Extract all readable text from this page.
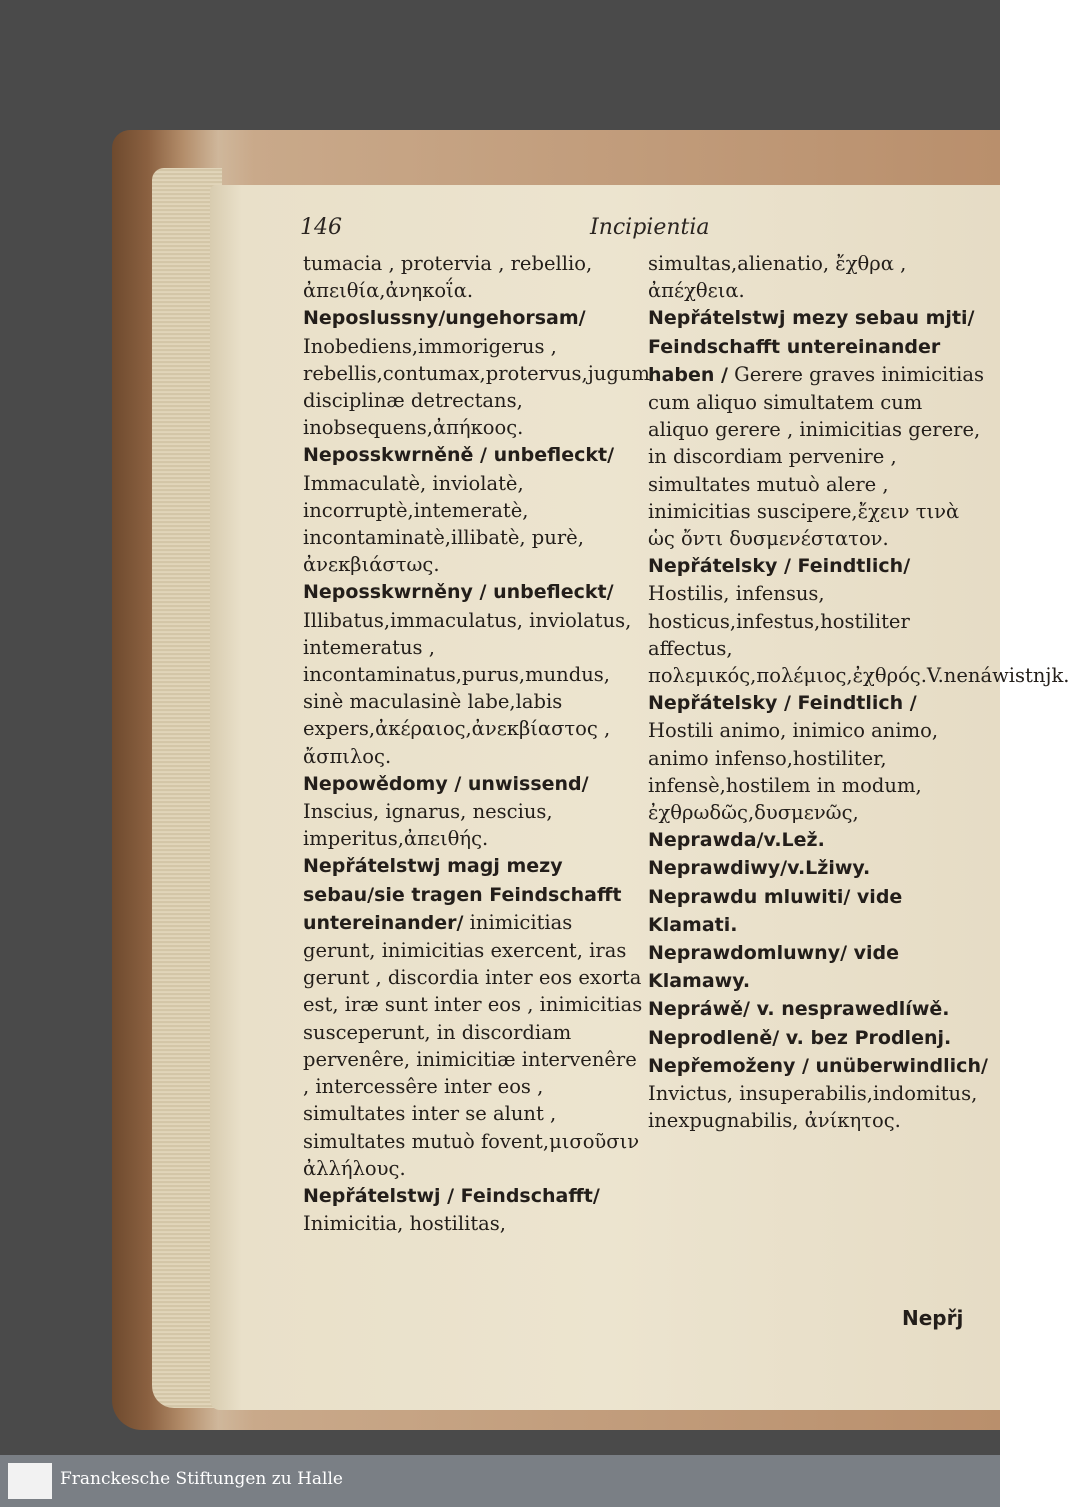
146	Incipientia

tumacia , protervia , rebellio, ἀπειθία,ἀνηκοΐα.

Neposlussny/ungehorsam/ Inobediens,immorigerus , rebellis,contumax,protervus,jugum disciplinæ detrectans, inobsequens,ἀπήκοος.

Neposskwrněně / unbefleckt/ Immaculatè, inviolatè, incorruptè,intemeratè, incontaminatè,illibatè, purè, ἀνεκβιάστως.

Neposskwrněny / unbefleckt/ Illibatus,immaculatus, inviolatus, intemeratus , incontaminatus,purus,mundus, sinè maculasinè labe,labis expers,ἀκέραιος,ἀνεκβίαστος , ἄσπιλος.

Nepowědomy / unwissend/ Inscius, ignarus, nescius, imperitus,ἀπειθής.

Nepřátelstwj magj mezy sebau/sie tragen Feindschafft untereinander/ inimicitias gerunt, inimicitias exercent, iras gerunt , discordia inter eos exorta est, iræ sunt inter eos , inimicitias susceperunt, in discordiam pervenêre, inimicitiæ intervenêre , intercessêre inter eos , simultates inter se alunt , simultates mutuò fovent,μισοῦσιν ἀλλήλους.

Nepřátelstwj / Feindschafft/ Inimicitia, hostilitas,

simultas,alienatio, ἔχθρα , ἀπέχθεια.

Nepřátelstwj mezy sebau mjti/ Feindschafft untereinander haben / Gerere graves inimicitias cum aliquo simultatem cum aliquo gerere , inimicitias gerere, in discordiam pervenire , simultates mutuò alere , inimicitias suscipere,ἔχειν τινὰ ὡς ὄντι δυσμενέστατον.

Nepřátelsky / Feindtlich/ Hostilis, infensus, hosticus,infestus,hostiliter affectus, πολεμικός,πολέμιος,ἐχθρός.V.nenáwistnjk.

Nepřátelsky / Feindtlich / Hostili animo, inimico animo, animo infenso,hostiliter, infensè,hostilem in modum, ἐχθρωδῶς,δυσμενῶς,

Neprawda/v.Lež.

Neprawdiwy/v.Lžiwy.

Neprawdu mluwiti/ vide Klamati.

Neprawdomluwny/ vide Klamawy.

Nepráwě/ v. nesprawedlíwě.

Neprodleně/ v. bez Prodlenj.

Nepřemoženy / unüberwindlich/ Invictus, insuperabilis,indomitus, inexpugnabilis, ἀνίκητος.

Nepřj
Franckesche Stiftungen zu Halle
